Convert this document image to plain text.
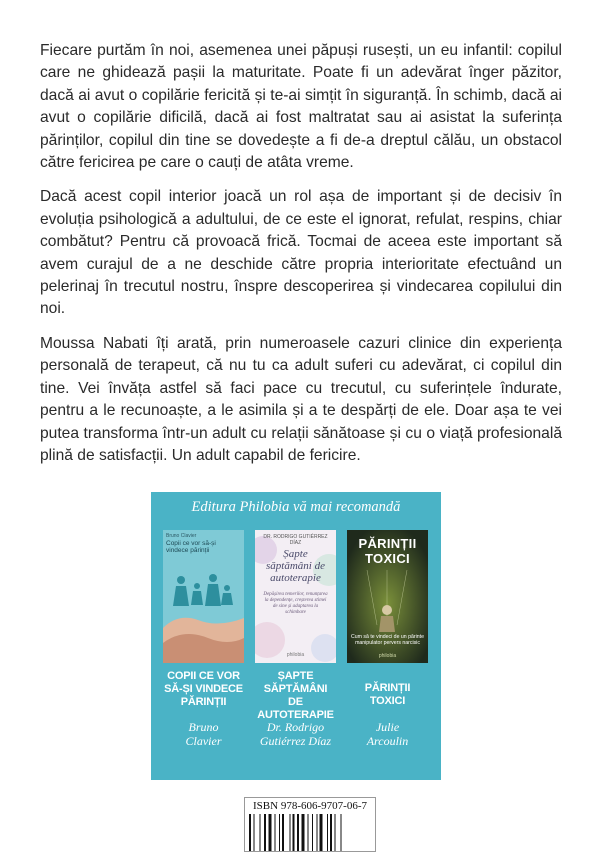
Fiecare purtăm în noi, asemenea unei păpuși rusești, un eu infantil: copilul care ne ghidează pașii la maturitate. Poate fi un adevărat înger păzitor, dacă ai avut o copilărie fericită și te-ai simțit în siguranță. În schimb, dacă ai avut o copilărie dificilă, dacă ai fost maltratat sau ai asistat la suferința părinților, copilul din tine se dovedește a fi de-a dreptul călău, un obstacol către fericirea pe care o cauți de atâta vreme.

Dacă acest copil interior joacă un rol așa de important și de decisiv în evoluția psihologică a adultului, de ce este el ignorat, refulat, respins, chiar combătut? Pentru că provoacă frică. Tocmai de aceea este important să avem curajul de a ne deschide către propria interioritate efectuând un pelerinaj în trecutul nostru, înspre descoperirea și vindecarea copilului din noi.

Moussa Nabati îți arată, prin numeroasele cazuri clinice din experiența personală de terapeut, că nu tu ca adult suferi cu adevărat, ci copilul din tine. Vei învăța astfel să faci pace cu trecutul, cu suferințele îndurate, pentru a le recunoaște, a le asimila și a te despărți de ele. Doar așa te vei putea transforma într-un adult cu relații sănătoase și cu o viață profesională plină de satisfacții. Un adult capabil de fericire.

Editura Philobia vă mai recomandă
Bruno Clavier
Copii ce vor să-și vindece părinții
COPII CE VOR
SĂ-ȘI VINDECE
PĂRINȚII
Bruno
Clavier
DR. RODRIGO GUTIÉRREZ DÍAZ
Șapte săptămâni de autoterapie
Depășirea temerilor, renunțarea la dependențe, creșterea stimei de sine și adaptarea la schimbare
philobia
ȘAPTE
SĂPTĂMÂNI DE
AUTOTERAPIE
Dr. Rodrigo
Gutiérrez Díaz
PĂRINȚII
TOXICI
Cum să te vindeci de un părinte manipulator pervers narcisic
philobia
PĂRINȚII
TOXICI
Julie
Arcoulin
ISBN 978-606-9707-06-7
